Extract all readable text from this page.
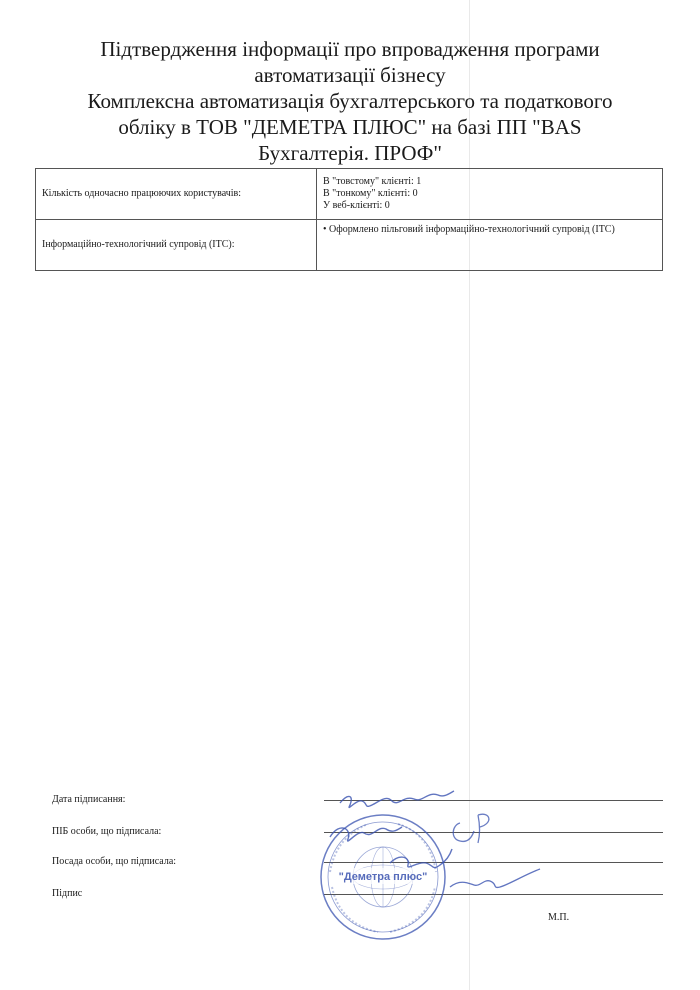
Підтвердження інформації про впровадження програми
автоматизації бізнесу
Комплексна автоматизація бухгалтерського та податкового
обліку в ТОВ "ДЕМЕТРА ПЛЮС" на базі ПП "BAS
Бухгалтерія. ПРОФ"
Кількість одночасно працюючих користувачів:	В "товстому" клієнті: 1
В "тонкому" клієнті: 0
У веб-клієнті: 0

Інформаційно-технологічний супровід (ІТС):	• Оформлено пільговий інформаційно-технологічний супровід (ІТС)
Дата підписання:
ПІБ особи, що підписала:
Посада особи, що підписала:
Підпис
М.П.
"Деметра плюс"
